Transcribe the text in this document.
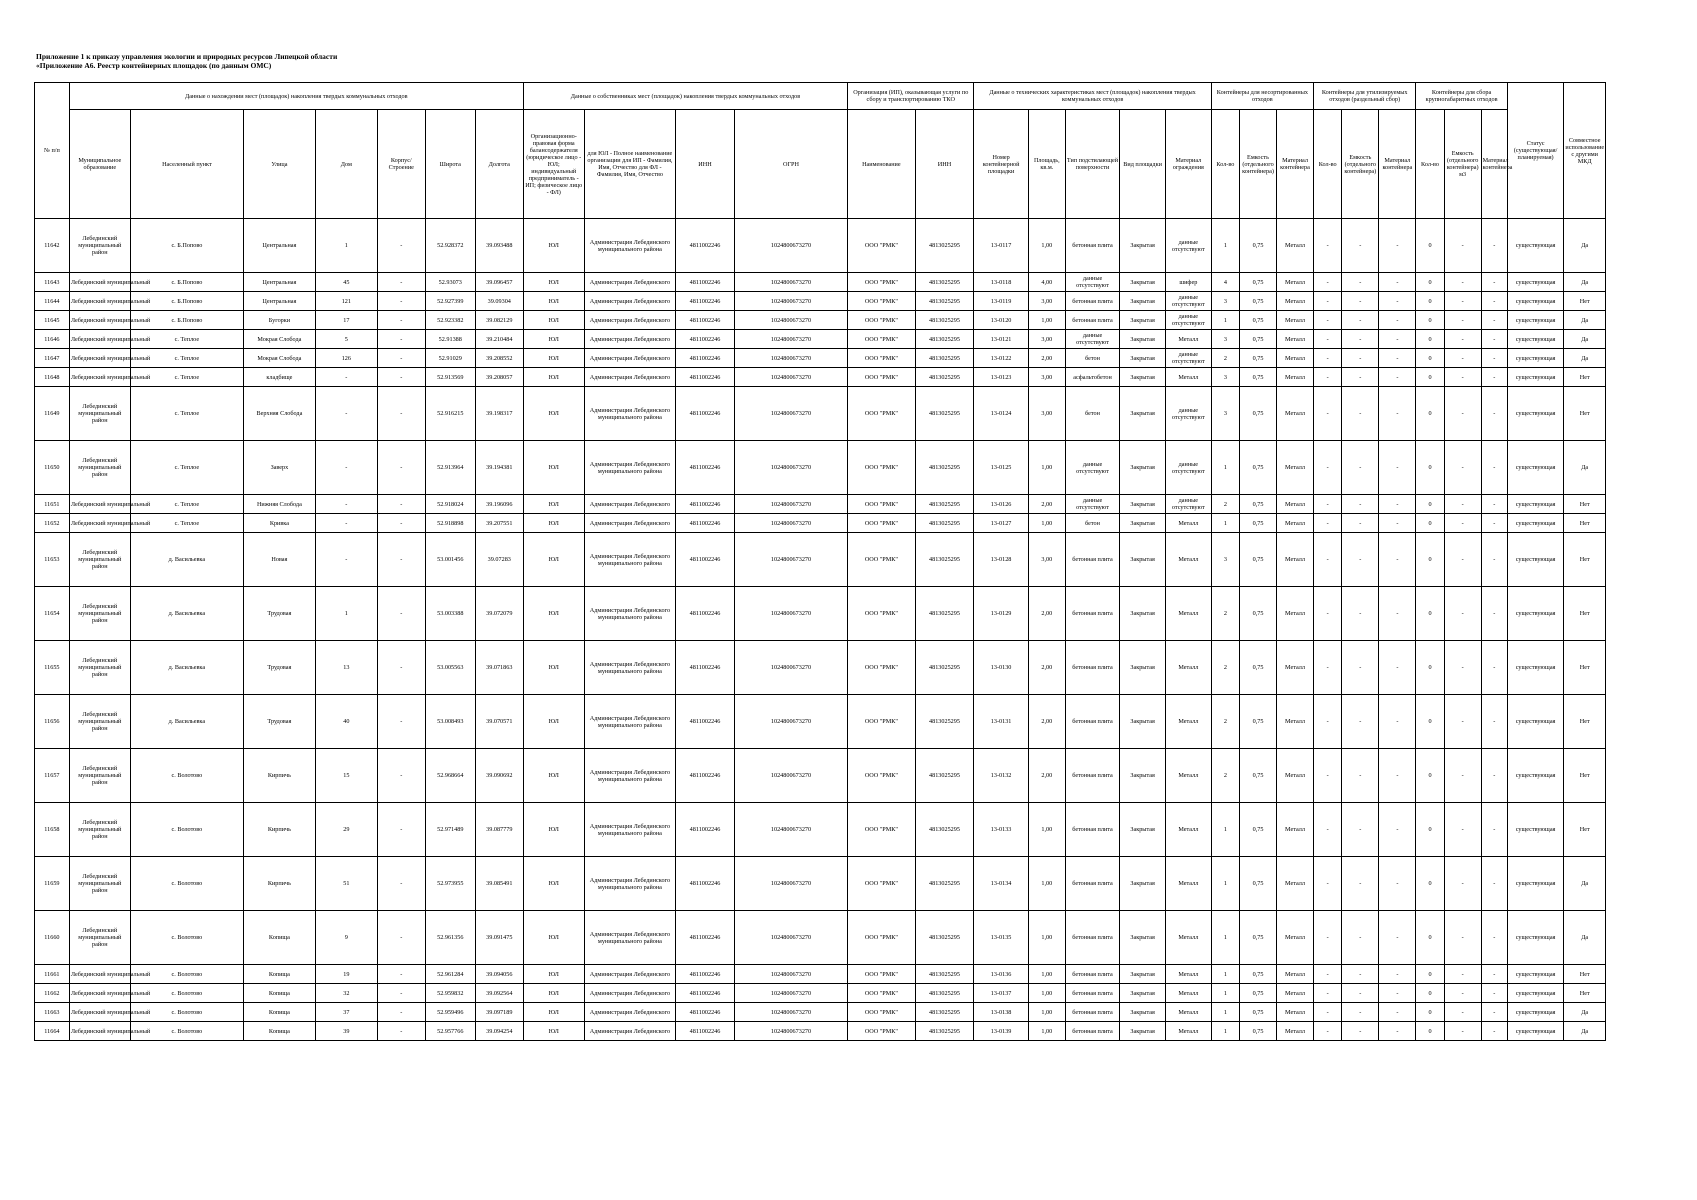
Приложение 1 к приказу управления экологии и природных ресурсов Липецкой области
«Приложение А6. Реестр контейнерных площадок (по данным ОМС)
№ п/п	Данные о нахождении мест (площадок) накопления твердых коммунальных отходов							Данные о собственниках мест (площадок) накопления твердых коммунальных отходов				Организация (ИП), оказывающая услуги по сбору и транспортированию ТКО		Данные о технических характеристиках мест (площадок) накопления твердых коммунальных отходов					Контейнеры для несортированных отходов			Контейнеры для утилизируемых отходов (раздельный сбор)			Контейнеры для сбора крупногабаритных отходов			Статус (существующая/планируемая)	Совместное использование с другими МКД
	Муниципальное образование	Населенный пункт	Улица	Дом	Корпус/Строение	Широта	Долгота	Организационно-правовая форма балансодержателя (юридическое лицо - ЮЛ; индивидуальный предприниматель - ИП; физическое лицо - ФЛ)	для ЮЛ - Полное наименование организации для ИП - Фамилия, Имя, Отчество для ФЛ - Фамилия, Имя, Отчество	ИНН	ОГРН	Наименование	ИНН	Номер контейнерной площадки	Площадь, кв.м.	Тип подстилающей поверхности	Вид площадки	Материал ограждения	Кол-во	Емкость (отдельного контейнера)	Материал контейнера	Кол-во	Емкость (отдельного контейнера)	Материал контейнера	Кол-во	Емкость (отдельного контейнера) м3	Материал контейнера		
11642	Лебединский муниципальный район	с. Б.Попово	Центральная	1	-	52.928372	39.093488	ЮЛ	Администрация Лебединского муниципального района	4811002246	1024800673270	ООО "РМК"	4813025295	13-0117	1,00	бетонная плита	Закрытая	данные отсутствуют	1	0,75	Металл	-	-	-	0	-	-	существующая	Да
11643	Лебединский муниципальный	с. Б.Попово	Центральная	45	-	52.93073	39.096457	ЮЛ	Администрация Лебединского	4811002246	1024800673270	ООО "РМК"	4813025295	13-0118	4,00	данные отсутствуют	Закрытая	шифер	4	0,75	Металл	-	-	-	0	-	-	существующая	Да
11644	Лебединский муниципальный	с. Б.Попово	Центральная	121	-	52.927399	39.09304	ЮЛ	Администрация Лебединского	4811002246	1024800673270	ООО "РМК"	4813025295	13-0119	3,00	бетонная плита	Закрытая	данные отсутствуют	3	0,75	Металл	-	-	-	0	-	-	существующая	Нет
11645	Лебединский муниципальный	с. Б.Попово	Бугорки	17	-	52.923382	39.082129	ЮЛ	Администрация Лебединского	4811002246	1024800673270	ООО "РМК"	4813025295	13-0120	1,00	бетонная плита	Закрытая	данные отсутствуют	1	0,75	Металл	-	-	-	0	-	-	существующая	Да
11646	Лебединский муниципальный	с. Теплое	Мокрая Слобода	5	-	52.91388	39.210484	ЮЛ	Администрация Лебединского	4811002246	1024800673270	ООО "РМК"	4813025295	13-0121	3,00	данные отсутствуют	Закрытая	Металл	3	0,75	Металл	-	-	-	0	-	-	существующая	Да
11647	Лебединский муниципальный	с. Теплое	Мокрая Слобода	126	-	52.91029	39.208552	ЮЛ	Администрация Лебединского	4811002246	1024800673270	ООО "РМК"	4813025295	13-0122	2,00	бетон	Закрытая	данные отсутствуют	2	0,75	Металл	-	-	-	0	-	-	существующая	Да
11648	Лебединский муниципальный	с. Теплое	кладбище	-	-	52.913569	39.208057	ЮЛ	Администрация Лебединского	4811002246	1024800673270	ООО "РМК"	4813025295	13-0123	3,00	асфальтобетон	Закрытая	Металл	3	0,75	Металл	-	-	-	0	-	-	существующая	Нет
11649	Лебединский муниципальный район	с. Теплое	Верхняя Слобода	-	-	52.916215	39.198317	ЮЛ	Администрация Лебединского муниципального района	4811002246	1024800673270	ООО "РМК"	4813025295	13-0124	3,00	бетон	Закрытая	данные отсутствуют	3	0,75	Металл	-	-	-	0	-	-	существующая	Нет
11650	Лебединский муниципальный район	с. Теплое	Заверх	-	-	52.913964	39.194381	ЮЛ	Администрация Лебединского муниципального района	4811002246	1024800673270	ООО "РМК"	4813025295	13-0125	1,00	данные отсутствуют	Закрытая	данные отсутствуют	1	0,75	Металл	-	-	-	0	-	-	существующая	Да
11651	Лебединский муниципальный	с. Теплое	Нижняя Слобода	-	-	52.918024	39.196096	ЮЛ	Администрация Лебединского	4811002246	1024800673270	ООО "РМК"	4813025295	13-0126	2,00	данные отсутствуют	Закрытая	данные отсутствуют	2	0,75	Металл	-	-	-	0	-	-	существующая	Нет
11652	Лебединский муниципальный	с. Теплое	Кривка	-	-	52.918898	39.207551	ЮЛ	Администрация Лебединского	4811002246	1024800673270	ООО "РМК"	4813025295	13-0127	1,00	бетон	Закрытая	Металл	1	0,75	Металл	-	-	-	0	-	-	существующая	Нет
11653	Лебединский муниципальный район	д. Васильевка	Новая	-	-	53.001456	39.07283	ЮЛ	Администрация Лебединского муниципального района	4811002246	1024800673270	ООО "РМК"	4813025295	13-0128	3,00	бетонная плита	Закрытая	Металл	3	0,75	Металл	-	-	-	0	-	-	существующая	Нет
11654	Лебединский муниципальный район	д. Васильевка	Трудовая	1	-	53.003388	39.072079	ЮЛ	Администрация Лебединского муниципального района	4811002246	1024800673270	ООО "РМК"	4813025295	13-0129	2,00	бетонная плита	Закрытая	Металл	2	0,75	Металл	-	-	-	0	-	-	существующая	Нет
11655	Лебединский муниципальный район	д. Васильевка	Трудовая	13	-	53.005563	39.071863	ЮЛ	Администрация Лебединского муниципального района	4811002246	1024800673270	ООО "РМК"	4813025295	13-0130	2,00	бетонная плита	Закрытая	Металл	2	0,75	Металл	-	-	-	0	-	-	существующая	Нет
11656	Лебединский муниципальный район	д. Васильевка	Трудовая	40	-	53.008493	39.070571	ЮЛ	Администрация Лебединского муниципального района	4811002246	1024800673270	ООО "РМК"	4813025295	13-0131	2,00	бетонная плита	Закрытая	Металл	2	0,75	Металл	-	-	-	0	-	-	существующая	Нет
11657	Лебединский муниципальный район	с. Волотово	Кирпичь	15	-	52.968664	39.090692	ЮЛ	Администрация Лебединского муниципального района	4811002246	1024800673270	ООО "РМК"	4813025295	13-0132	2,00	бетонная плита	Закрытая	Металл	2	0,75	Металл	-	-	-	0	-	-	существующая	Нет
11658	Лебединский муниципальный район	с. Волотово	Кирпичь	29	-	52.971489	39.087779	ЮЛ	Администрация Лебединского муниципального района	4811002246	1024800673270	ООО "РМК"	4813025295	13-0133	1,00	бетонная плита	Закрытая	Металл	1	0,75	Металл	-	-	-	0	-	-	существующая	Нет
11659	Лебединский муниципальный район	с. Волотово	Кирпичь	51	-	52.973955	39.085491	ЮЛ	Администрация Лебединского муниципального района	4811002246	1024800673270	ООО "РМК"	4813025295	13-0134	1,00	бетонная плита	Закрытая	Металл	1	0,75	Металл	-	-	-	0	-	-	существующая	Да
11660	Лебединский муниципальный район	с. Волотово	Копища	9	-	52.961356	39.091475	ЮЛ	Администрация Лебединского муниципального района	4811002246	1024800673270	ООО "РМК"	4813025295	13-0135	1,00	бетонная плита	Закрытая	Металл	1	0,75	Металл	-	-	-	0	-	-	существующая	Да
11661	Лебединский муниципальный	с. Волотово	Копища	19	-	52.961284	39.094056	ЮЛ	Администрация Лебединского	4811002246	1024800673270	ООО "РМК"	4813025295	13-0136	1,00	бетонная плита	Закрытая	Металл	1	0,75	Металл	-	-	-	0	-	-	существующая	Нет
11662	Лебединский муниципальный	с. Волотово	Копища	32	-	52.959832	39.092564	ЮЛ	Администрация Лебединского	4811002246	1024800673270	ООО "РМК"	4813025295	13-0137	1,00	бетонная плита	Закрытая	Металл	1	0,75	Металл	-	-	-	0	-	-	существующая	Нет
11663	Лебединский муниципальный	с. Волотово	Копища	37	-	52.959496	39.097189	ЮЛ	Администрация Лебединского	4811002246	1024800673270	ООО "РМК"	4813025295	13-0138	1,00	бетонная плита	Закрытая	Металл	1	0,75	Металл	-	-	-	0	-	-	существующая	Да
11664	Лебединский муниципальный	с. Волотово	Копища	39	-	52.957766	39.094254	ЮЛ	Администрация Лебединского	4811002246	1024800673270	ООО "РМК"	4813025295	13-0139	1,00	бетонная плита	Закрытая	Металл	1	0,75	Металл	-	-	-	0	-	-	существующая	Да
